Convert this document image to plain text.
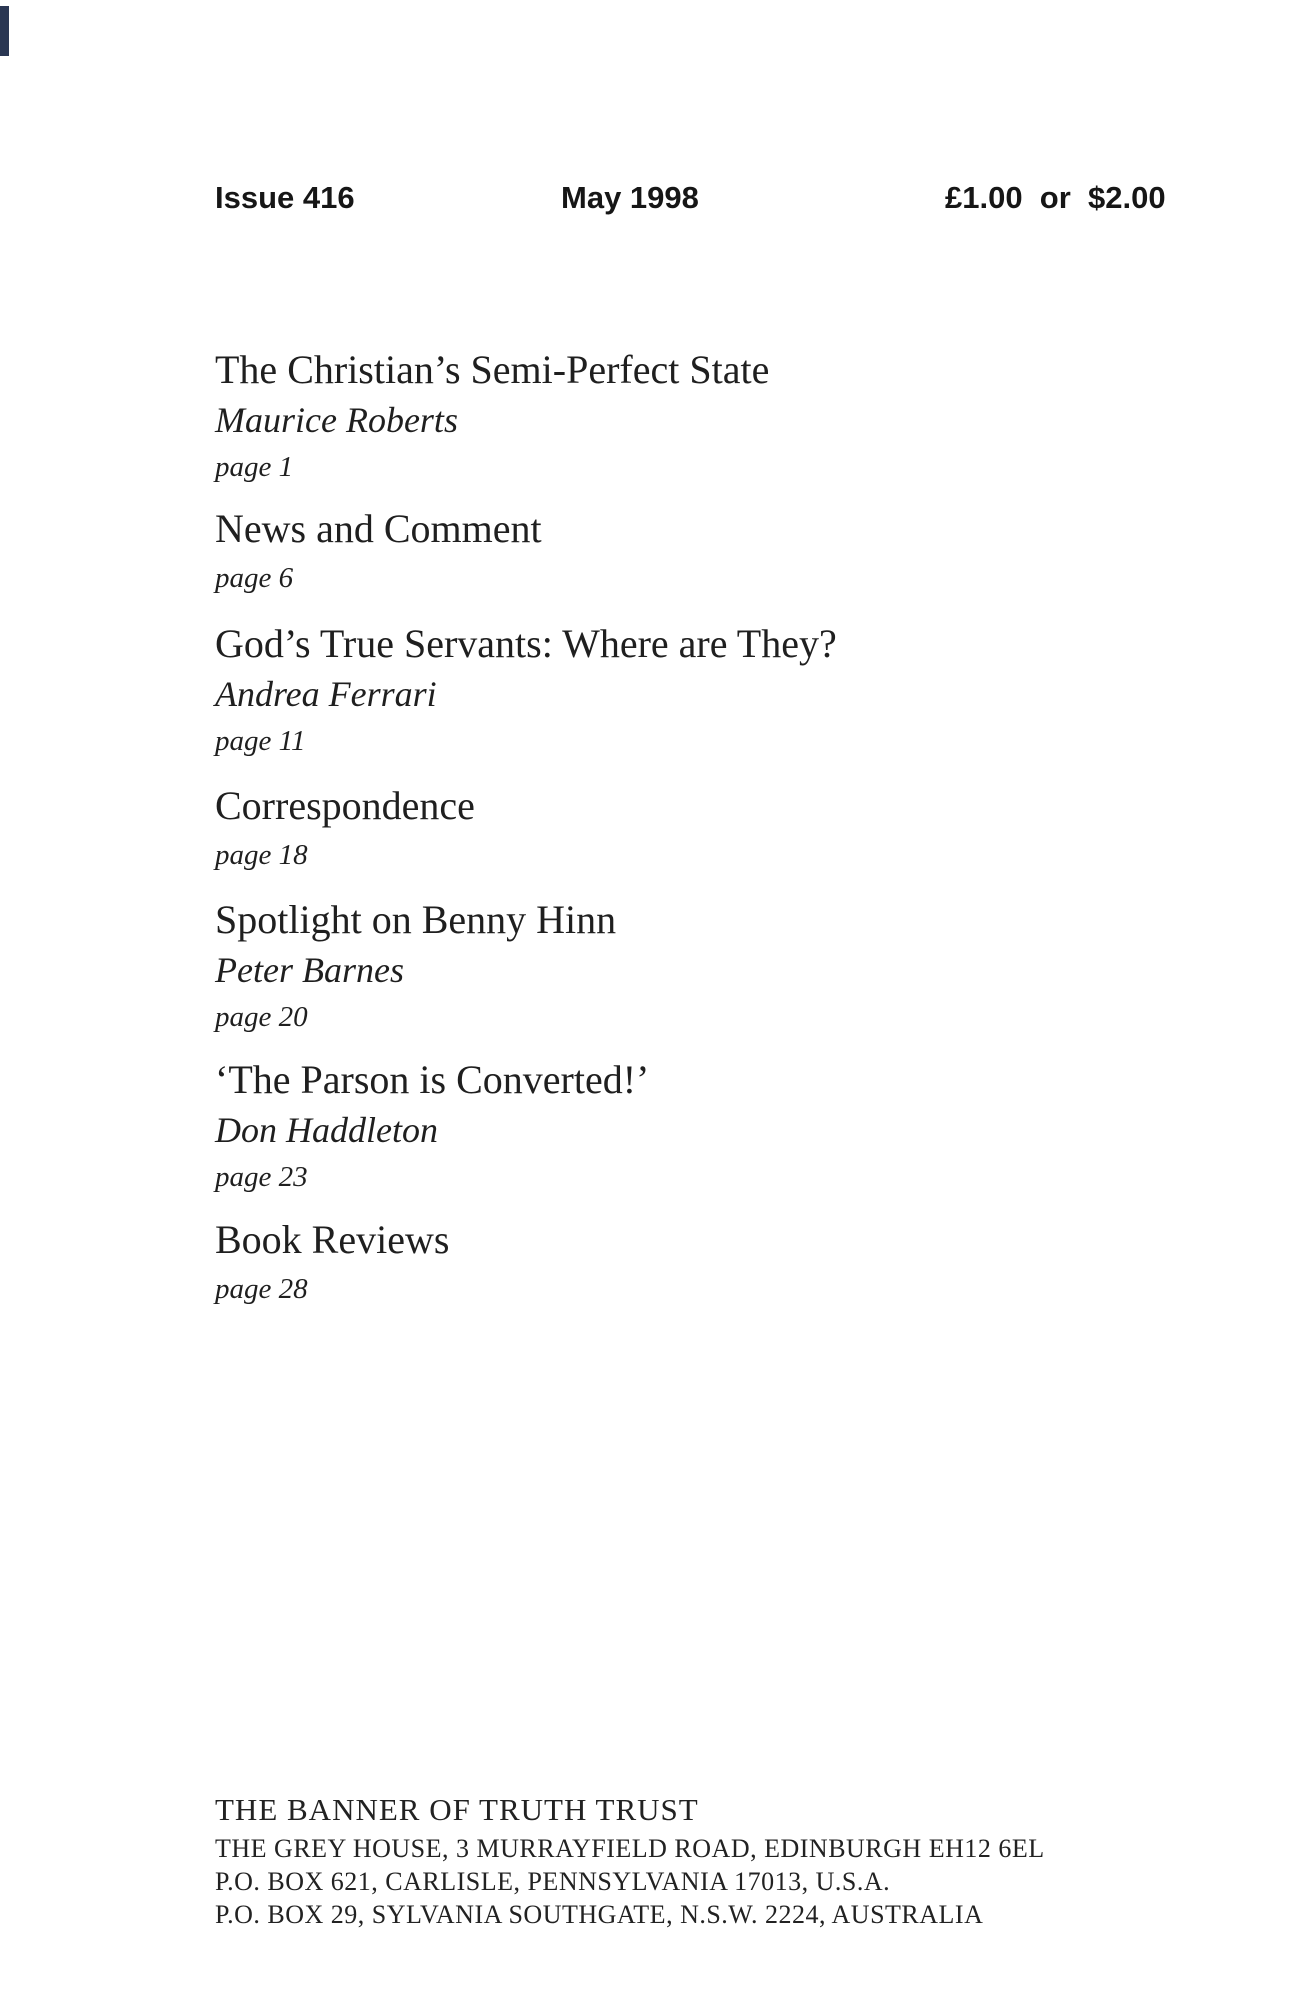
Issue 416	May 1998	£1.00  or  $2.00
The Christian’s Semi-Perfect State
Maurice Roberts
page 1
News and Comment
page 6
God’s True Servants: Where are They?
Andrea Ferrari
page 11
Correspondence
page 18
Spotlight on Benny Hinn
Peter Barnes
page 20
‘The Parson is Converted!’
Don Haddleton
page 23
Book Reviews
page 28
THE BANNER OF TRUTH TRUST
THE GREY HOUSE, 3 MURRAYFIELD ROAD, EDINBURGH EH12 6EL
P.O. BOX 621, CARLISLE, PENNSYLVANIA 17013, U.S.A.
P.O. BOX 29, SYLVANIA SOUTHGATE, N.S.W. 2224, AUSTRALIA
